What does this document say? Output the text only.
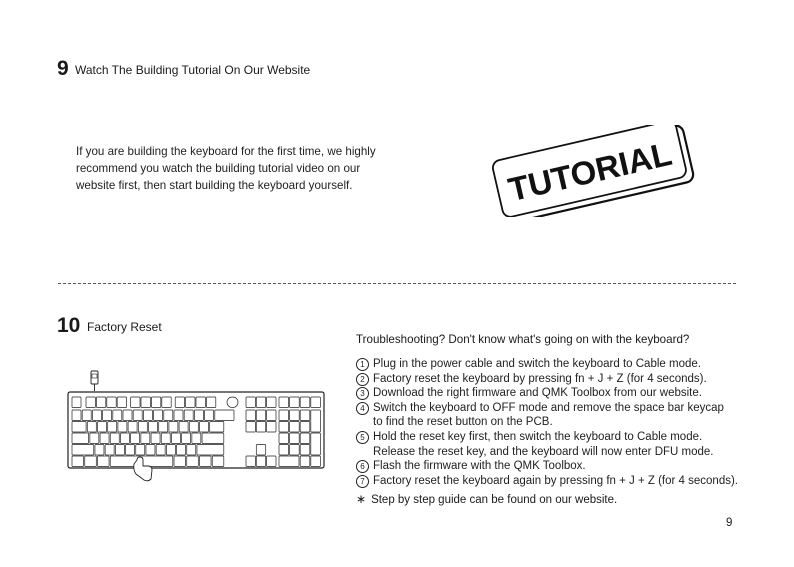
9 Watch The Building Tutorial On Our Website
If you are building the keyboard for the first time, we highly
recommend you watch the building tutorial video on our
website first, then start building the keyboard yourself.	TUTORIAL
10 Factory Reset
Troubleshooting? Don't know what's going on with the keyboard?
1 Plug in the power cable and switch the keyboard to Cable mode.
2 Factory reset the keyboard by pressing fn + J + Z (for 4 seconds).
3 Download the right firmware and QMK Toolbox from our website.
4 Switch the keyboard to OFF mode and remove the space bar keycap
to find the reset button on the PCB.
5 Hold the reset key first, then switch the keyboard to Cable mode.
Release the reset key, and the keyboard will now enter DFU mode.
6 Flash the firmware with the QMK Toolbox.
7 Factory reset the keyboard again by pressing fn + J + Z (for 4 seconds).
∗ Step by step guide can be found on our website.
9
